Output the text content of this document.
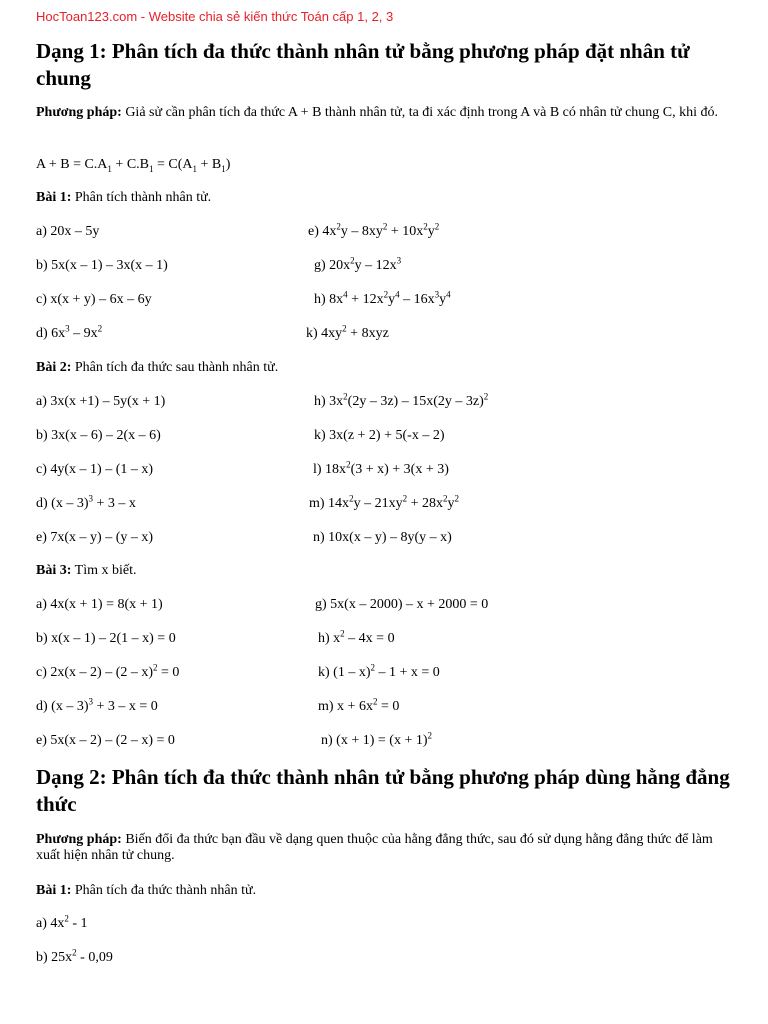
HocToan123.com - Website chia sẻ kiến thức Toán cấp 1, 2, 3
Dạng 1: Phân tích đa thức thành nhân tử bằng phương pháp đặt nhân tử chung
Phương pháp: Giả sử cần phân tích đa thức A + B thành nhân tử, ta đi xác định trong A và B có nhân tử chung C, khi đó.
$A + B = C.A_1 + C.B_1 = C(A_1 + B_1)$
Bài 1: Phân tích thành nhân tử.
a) 20x – 5y
b) 5x(x – 1) – 3x(x – 1)
c) x(x + y) – 6x – 6y
d) $6x^3 - 9x^2$
e) $4x^2y - 8xy^2 + 10x^2y^2$
g) $20x^2y - 12x^3$
h) $8x^4 + 12x^2y^4 - 16x^3y^4$
k) $4xy^2 + 8xyz$
Bài 2: Phân tích đa thức sau thành nhân tử.
a) 3x(x +1) – 5y(x + 1)
b) 3x(x – 6) – 2(x – 6)
c) 4y(x – 1) – (1 – x)
d) (x – 3)$^3$ + 3 – x
e) 7x(x – y) – (y – x)
h) $3x^2(2y - 3z) - 15x(2y - 3z)^2$
k) 3x(z + 2) + 5(-x – 2)
l) $18x^2(3 + x) + 3(x + 3)$
m) $14x^2y - 21xy^2 + 28x^2y^2$
n) 10x(x – y) – 8y(y – x)
Bài 3: Tìm x biết.
a) 4x(x + 1) = 8(x + 1)
b) x(x – 1) – 2(1 – x) = 0
c) 2x(x – 2) – (2 – x)$^2$ = 0
d) (x – 3)$^3$ + 3 – x = 0
e) 5x(x – 2) – (2 – x) = 0
g) 5x(x – 2000) – x + 2000 = 0
h) $x^2 - 4x = 0$
k) (1 – x)$^2$ – 1 + x = 0
m) $x + 6x^2 = 0$
n) $(x + 1) = (x + 1)^2$
Dạng 2: Phân tích đa thức thành nhân tử bằng phương pháp dùng hằng đẳng thức
Phương pháp: Biến đổi đa thức bạn đầu về dạng quen thuộc của hằng đẳng thức, sau đó sử dụng hằng đẳng thức để làm xuất hiện nhân tử chung.
Bài 1: Phân tích đa thức thành nhân tử.
a) $4x^2 - 1$
b) $25x^2 - 0,09$
